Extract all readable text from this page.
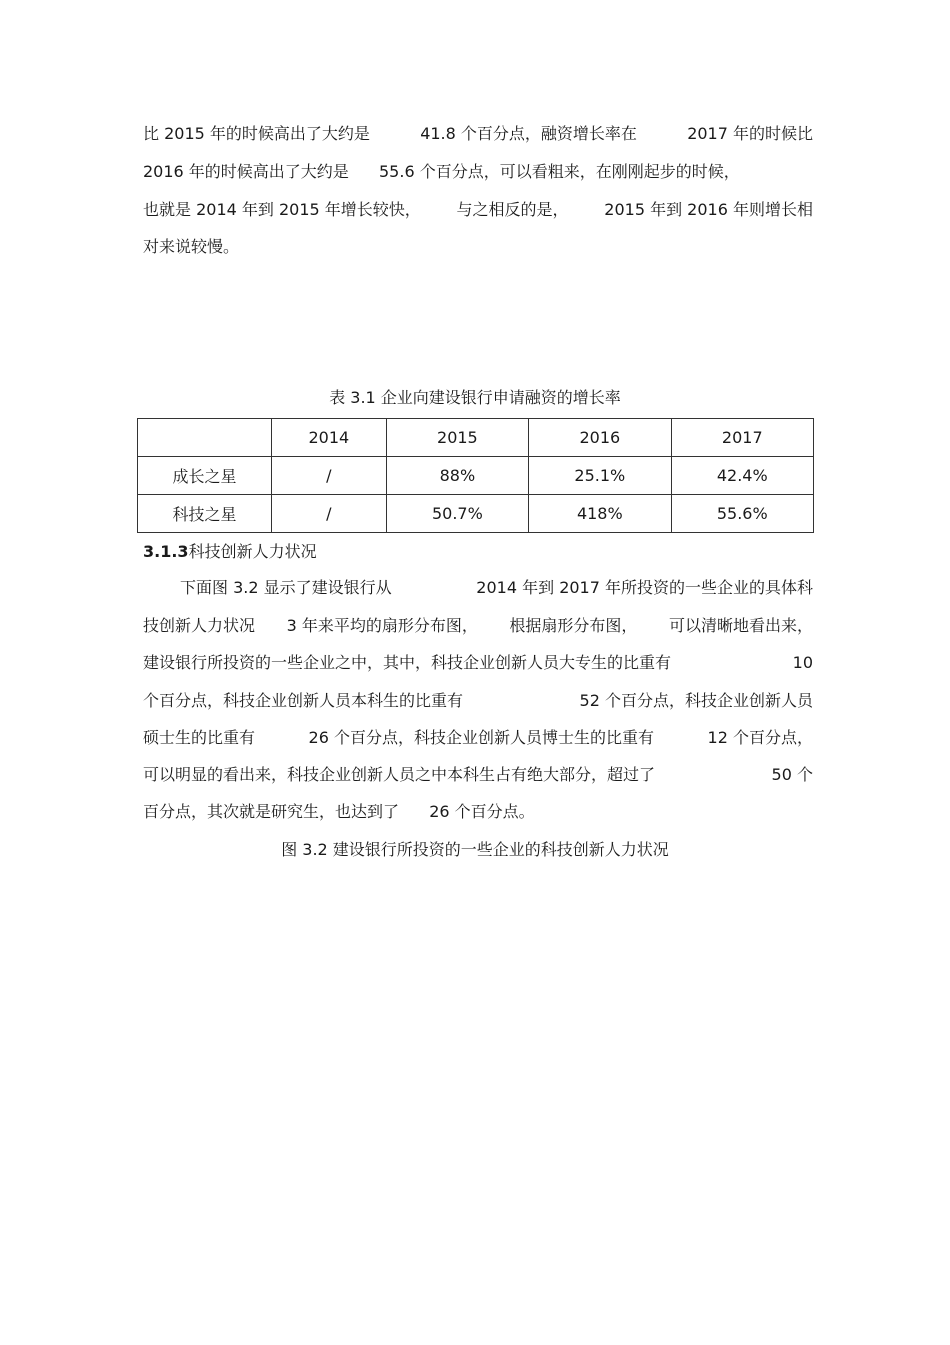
比 2015 年的时候高出了大约是	41.8 个百分点，融资增长率在	2017 年的时候比
2016 年的时候高出了大约是 55.6 个百分点，可以看粗来，在刚刚起步的时候，
也就是 2014 年到 2015 年增长较快， 与之相反的是， 2015 年到 2016 年则增长相
对来说较慢。
表 3.1 企业向建设银行申请融资的增长率
	2014	2015	2016	2017
成长之星	/	88%	25.1%	42.4%
科技之星	/	50.7%	418%	55.6%
3.1.3科技创新人力状况
下面图 3.2 显示了建设银行从	2014 年到 2017 年所投资的一些企业的具体科
技创新人力状况 3 年来平均的扇形分布图， 根据扇形分布图， 可以清晰地看出来，
建设银行所投资的一些企业之中，其中，科技企业创新人员大专生的比重有	10
个百分点，科技企业创新人员本科生的比重有	52 个百分点，科技企业创新人员
硕士生的比重有	26 个百分点，科技企业创新人员博士生的比重有	12 个百分点，
可以明显的看出来，科技企业创新人员之中本科生占有绝大部分，超过了	50 个
百分点，其次就是研究生，也达到了 26 个百分点。
图 3.2 建设银行所投资的一些企业的科技创新人力状况
